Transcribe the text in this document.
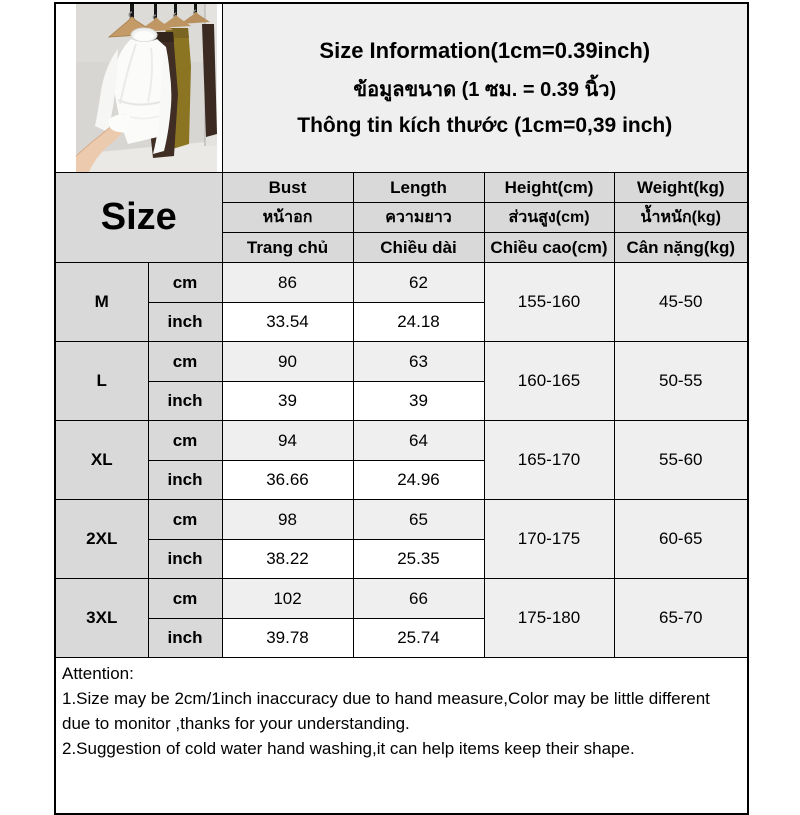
Size Information(1cm=0.39inch)
ข้อมูลขนาด (1 ซม. = 0.39 นิ้ว)
Thông tin kích thước (1cm=0,39 inch)			

Size		Bust	Length	Height(cm)	Weight(kg)
		หน้าอก	ความยาว	ส่วนสูง(cm)	น้ำหนัก(kg)
		Trang chủ	Chiều dài	Chiều cao(cm)	Cân nặng(kg)
M	cm	86	62	155-160	45-50
	inch	33.54	24.18		
L	cm	90	63	160-165	50-55
	inch	39	39		
XL	cm	94	64	165-170	55-60
	inch	36.66	24.96		
2XL	cm	98	65	170-175	60-65
	inch	38.22	25.35		
3XL	cm	102	66	175-180	65-70
	inch	39.78	25.74		

Attention:
1.Size may be 2cm/1inch inaccuracy due to hand measure,Color may be little different due to monitor ,thanks for your understanding.
2.Suggestion of cold water hand washing,it can help items keep their shape.					
